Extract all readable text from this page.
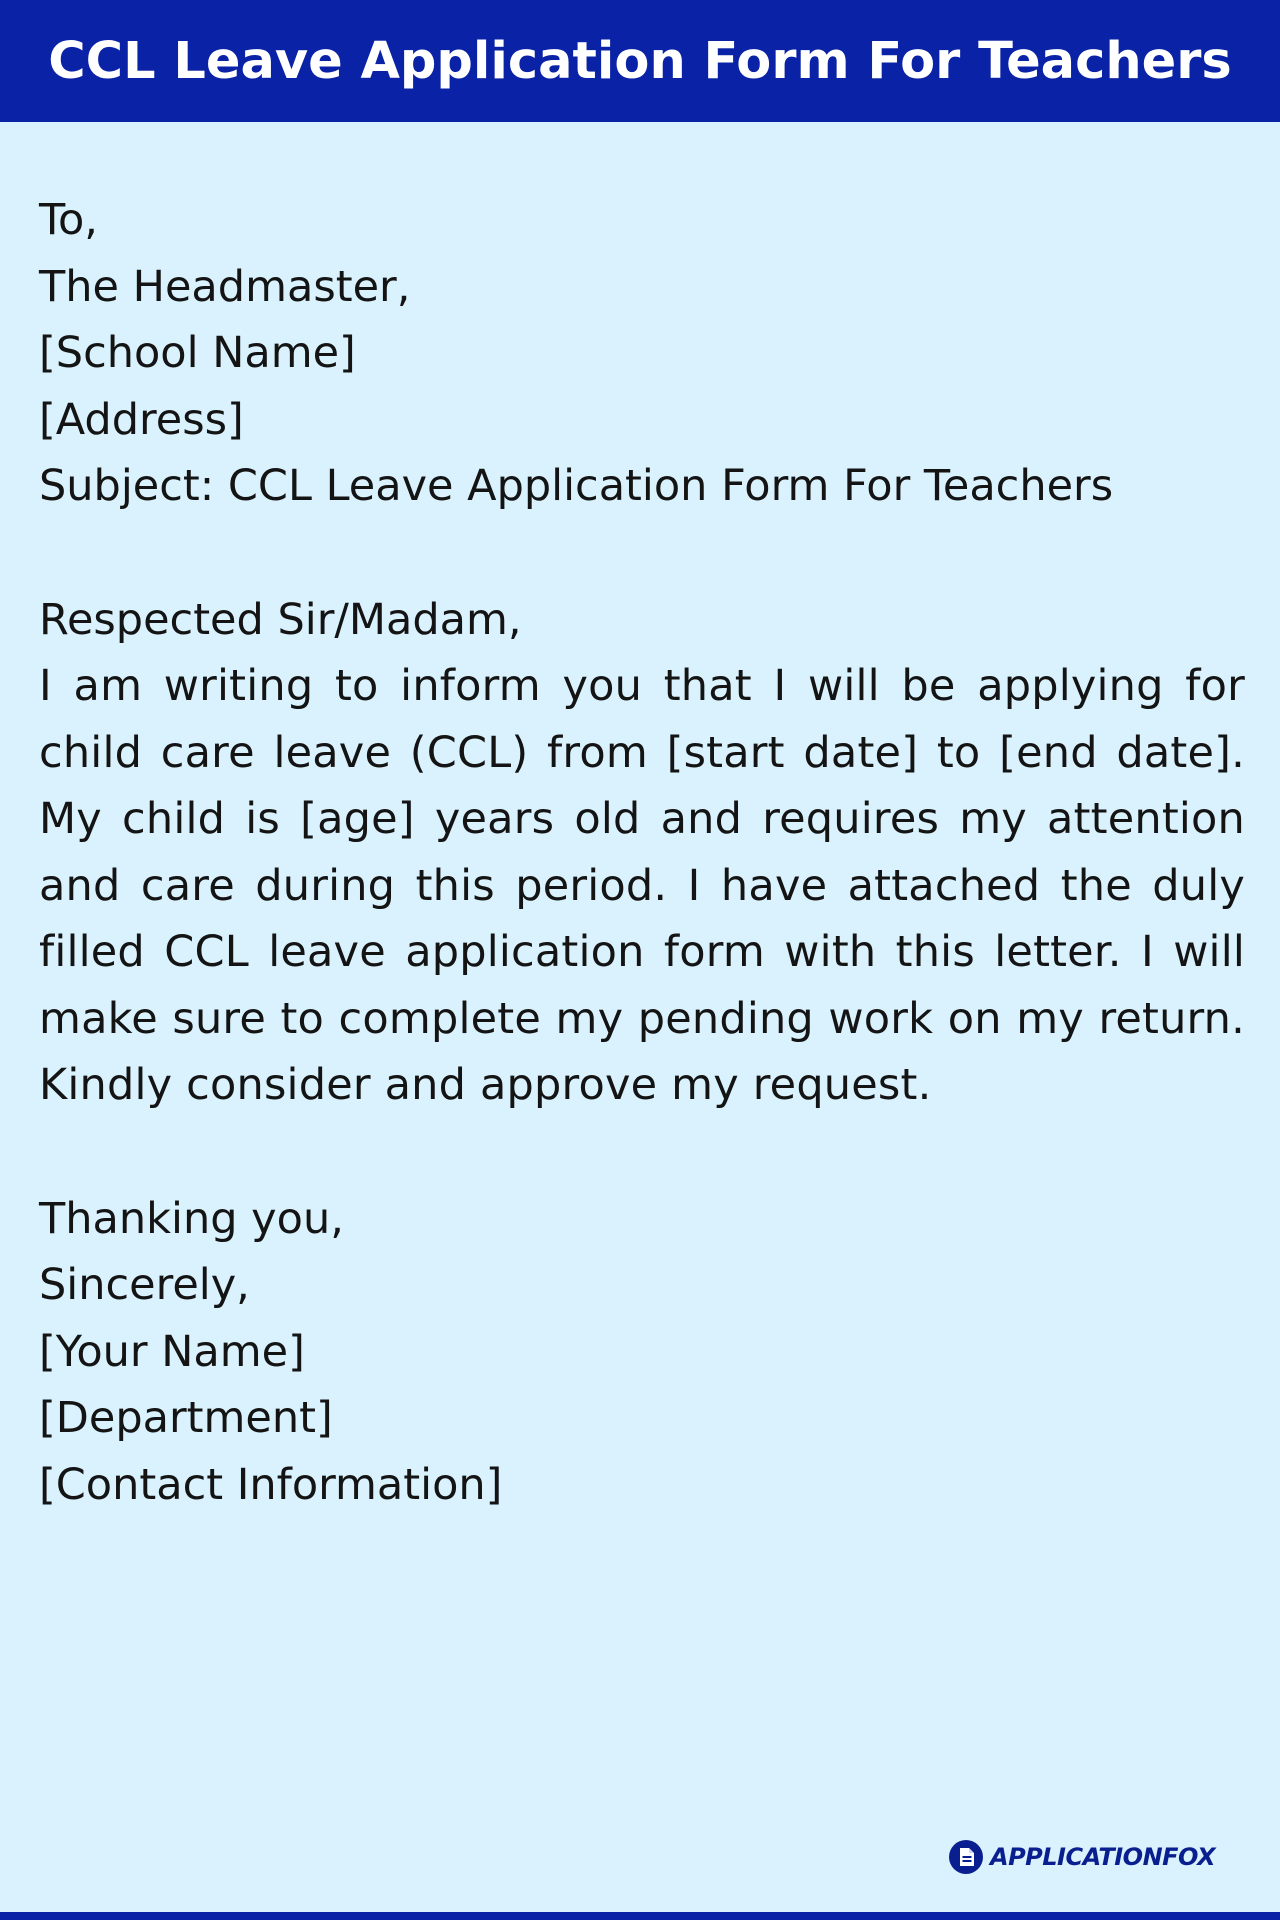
CCL Leave Application Form For Teachers
To,
The Headmaster,
[School Name]
[Address]
Subject: CCL Leave Application Form For Teachers
Respected Sir/Madam,
I am writing to inform you that I will be applying for child care leave (CCL) from [start date] to [end date]. My child is [age] years old and requires my attention and care during this period. I have attached the duly filled CCL leave application form with this letter. I will make sure to complete my pending work on my return. Kindly consider and approve my request.
Thanking you,
Sincerely,
[Your Name]
[Department]
[Contact Information]
APPLICATIONFOX
